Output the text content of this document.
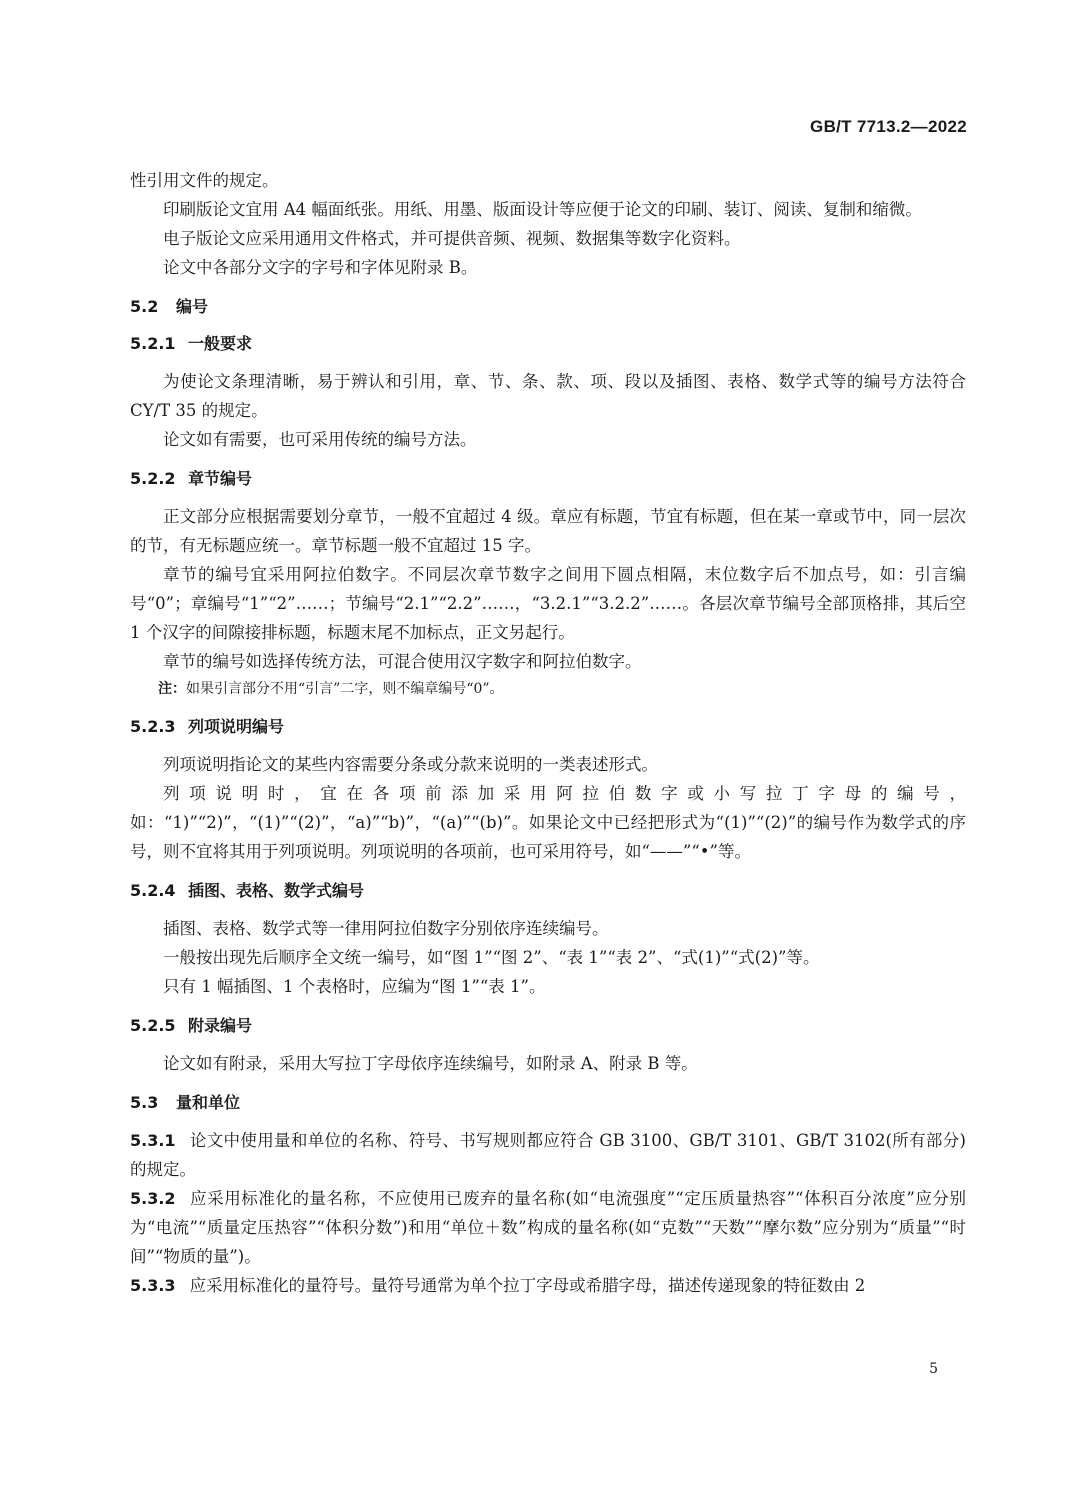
GB/T 7713.2—2022

性引用文件的规定。

印刷版论文宜用 A4 幅面纸张。用纸、用墨、版面设计等应便于论文的印刷、装订、阅读、复制和缩微。

电子版论文应采用通用文件格式，并可提供音频、视频、数据集等数字化资料。

论文中各部分文字的字号和字体见附录 B。

5.2 编号
5.2.1 一般要求

为使论文条理清晰，易于辨认和引用，章、节、条、款、项、段以及插图、表格、数学式等的编号方法符合 CY/T 35 的规定。

论文如有需要，也可采用传统的编号方法。

5.2.2 章节编号

正文部分应根据需要划分章节，一般不宜超过 4 级。章应有标题，节宜有标题，但在某一章或节中，同一层次的节，有无标题应统一。章节标题一般不宜超过 15 字。

章节的编号宜采用阿拉伯数字。不同层次章节数字之间用下圆点相隔，末位数字后不加点号，如：引言编号“0”；章编号“1”“2”……；节编号“2.1”“2.2”……，“3.2.1”“3.2.2”……。各层次章节编号全部顶格排，其后空 1 个汉字的间隙接排标题，标题末尾不加标点，正文另起行。

章节的编号如选择传统方法，可混合使用汉字数字和阿拉伯数字。

注：如果引言部分不用“引言”二字，则不编章编号“0”。

5.2.3 列项说明编号

列项说明指论文的某些内容需要分条或分款来说明的一类表述形式。

列项说明时，宜在各项前添加采用阿拉伯数字或小写拉丁字母的编号，如：“1)”“2)”，“(1)”“(2)”，“a)”“b)”，“(a)”“(b)”。如果论文中已经把形式为“(1)”“(2)”的编号作为数学式的序号，则不宜将其用于列项说明。列项说明的各项前，也可采用符号，如“——”“•”等。

5.2.4 插图、表格、数学式编号

插图、表格、数学式等一律用阿拉伯数字分别依序连续编号。

一般按出现先后顺序全文统一编号，如“图 1”“图 2”、“表 1”“表 2”、“式(1)”“式(2)”等。

只有 1 幅插图、1 个表格时，应编为“图 1”“表 1”。

5.2.5 附录编号

论文如有附录，采用大写拉丁字母依序连续编号，如附录 A、附录 B 等。

5.3 量和单位

5.3.1 论文中使用量和单位的名称、符号、书写规则都应符合 GB 3100、GB/T 3101、GB/T 3102(所有部分)的规定。

5.3.2 应采用标准化的量名称，不应使用已废弃的量名称(如“电流强度”“定压质量热容”“体积百分浓度”应分别为“电流”“质量定压热容”“体积分数”)和用“单位＋数”构成的量名称(如“克数”“天数”“摩尔数”应分别为“质量”“时间”“物质的量”)。

5.3.3 应采用标准化的量符号。量符号通常为单个拉丁字母或希腊字母，描述传递现象的特征数由 2

5
